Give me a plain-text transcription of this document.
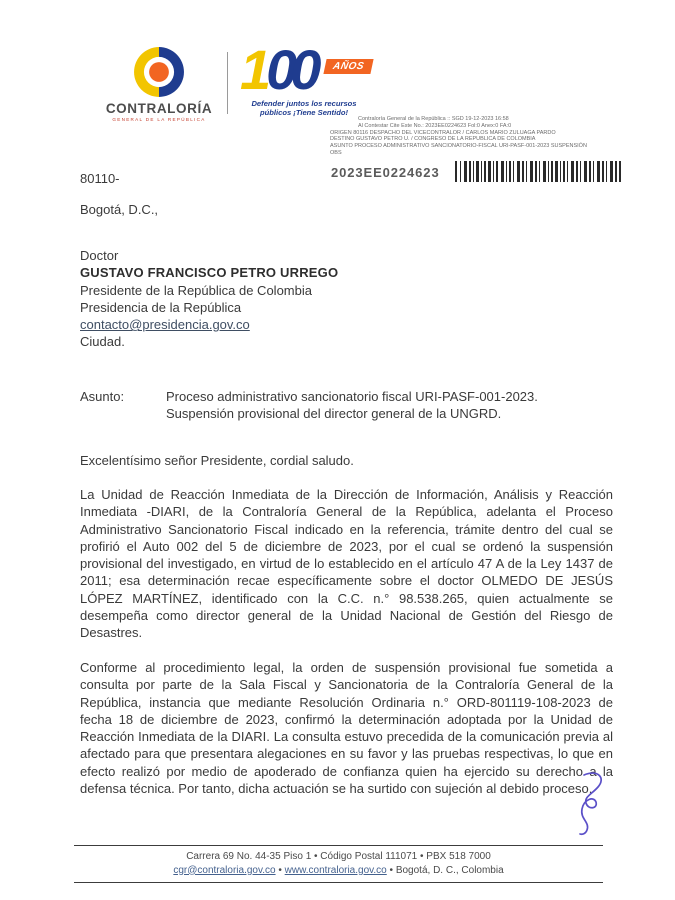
CONTRALORÍA
GENERAL DE LA REPÚBLICA
100	AÑOS
Defender juntos los recursos
públicos ¡Tiene Sentido!
Contraloría General de la República :: SGD 19-12-2023 16:58
Al Contestar Cite Este No.: 2023EE0224623 Fol:0 Anex:0 FA:0
ORIGEN 80116 DESPACHO DEL VICECONTRALOR / CARLOS MARIO ZULUAGA PARDO
DESTINO GUSTAVO PETRO U. / CONGRESO DE LA REPUBLICA DE COLOMBIA
ASUNTO PROCESO ADMINISTRATIVO SANCIONATORIO-FISCAL URI-PASF-001-2023 SUSPENSIÓN
OBS
2023EE0224623
80110-
Bogotá, D.C.,
Doctor
GUSTAVO FRANCISCO PETRO URREGO
Presidente de la República de Colombia
Presidencia de la República
contacto@presidencia.gov.co
Ciudad.
Asunto:	Proceso administrativo sancionatorio fiscal URI-PASF-001-2023. Suspensión provisional del director general de la UNGRD.
Excelentísimo señor Presidente, cordial saludo.
La Unidad de Reacción Inmediata de la Dirección de Información, Análisis y Reacción Inmediata -DIARI, de la Contraloría General de la República, adelanta el Proceso Administrativo Sancionatorio Fiscal indicado en la referencia, trámite dentro del cual se profirió el Auto 002 del 5 de diciembre de 2023, por el cual se ordenó la suspensión provisional del investigado, en virtud de lo establecido en el artículo 47 A de la Ley 1437 de 2011; esa determinación recae específicamente sobre el doctor OLMEDO DE JESÚS LÓPEZ MARTÍNEZ, identificado con la C.C. n.° 98.538.265, quien actualmente se desempeña como director general de la Unidad Nacional de Gestión del Riesgo de Desastres.
Conforme al procedimiento legal, la orden de suspensión provisional fue sometida a consulta por parte de la Sala Fiscal y Sancionatoria de la Contraloría General de la República, instancia que mediante Resolución Ordinaria n.° ORD-801119-108-2023 de fecha 18 de diciembre de 2023, confirmó la determinación adoptada por la Unidad de Reacción Inmediata de la DIARI. La consulta estuvo precedida de la comunicación previa al afectado para que presentara alegaciones en su favor y las pruebas respectivas, lo que en efecto realizó por medio de apoderado de confianza quien ha ejercido su derecho a la defensa técnica. Por tanto, dicha actuación se ha surtido con sujeción al debido proceso.
Carrera 69 No. 44-35 Piso 1 • Código Postal 111071 • PBX 518 7000
cgr@contraloria.gov.co • www.contraloria.gov.co • Bogotá, D. C., Colombia
